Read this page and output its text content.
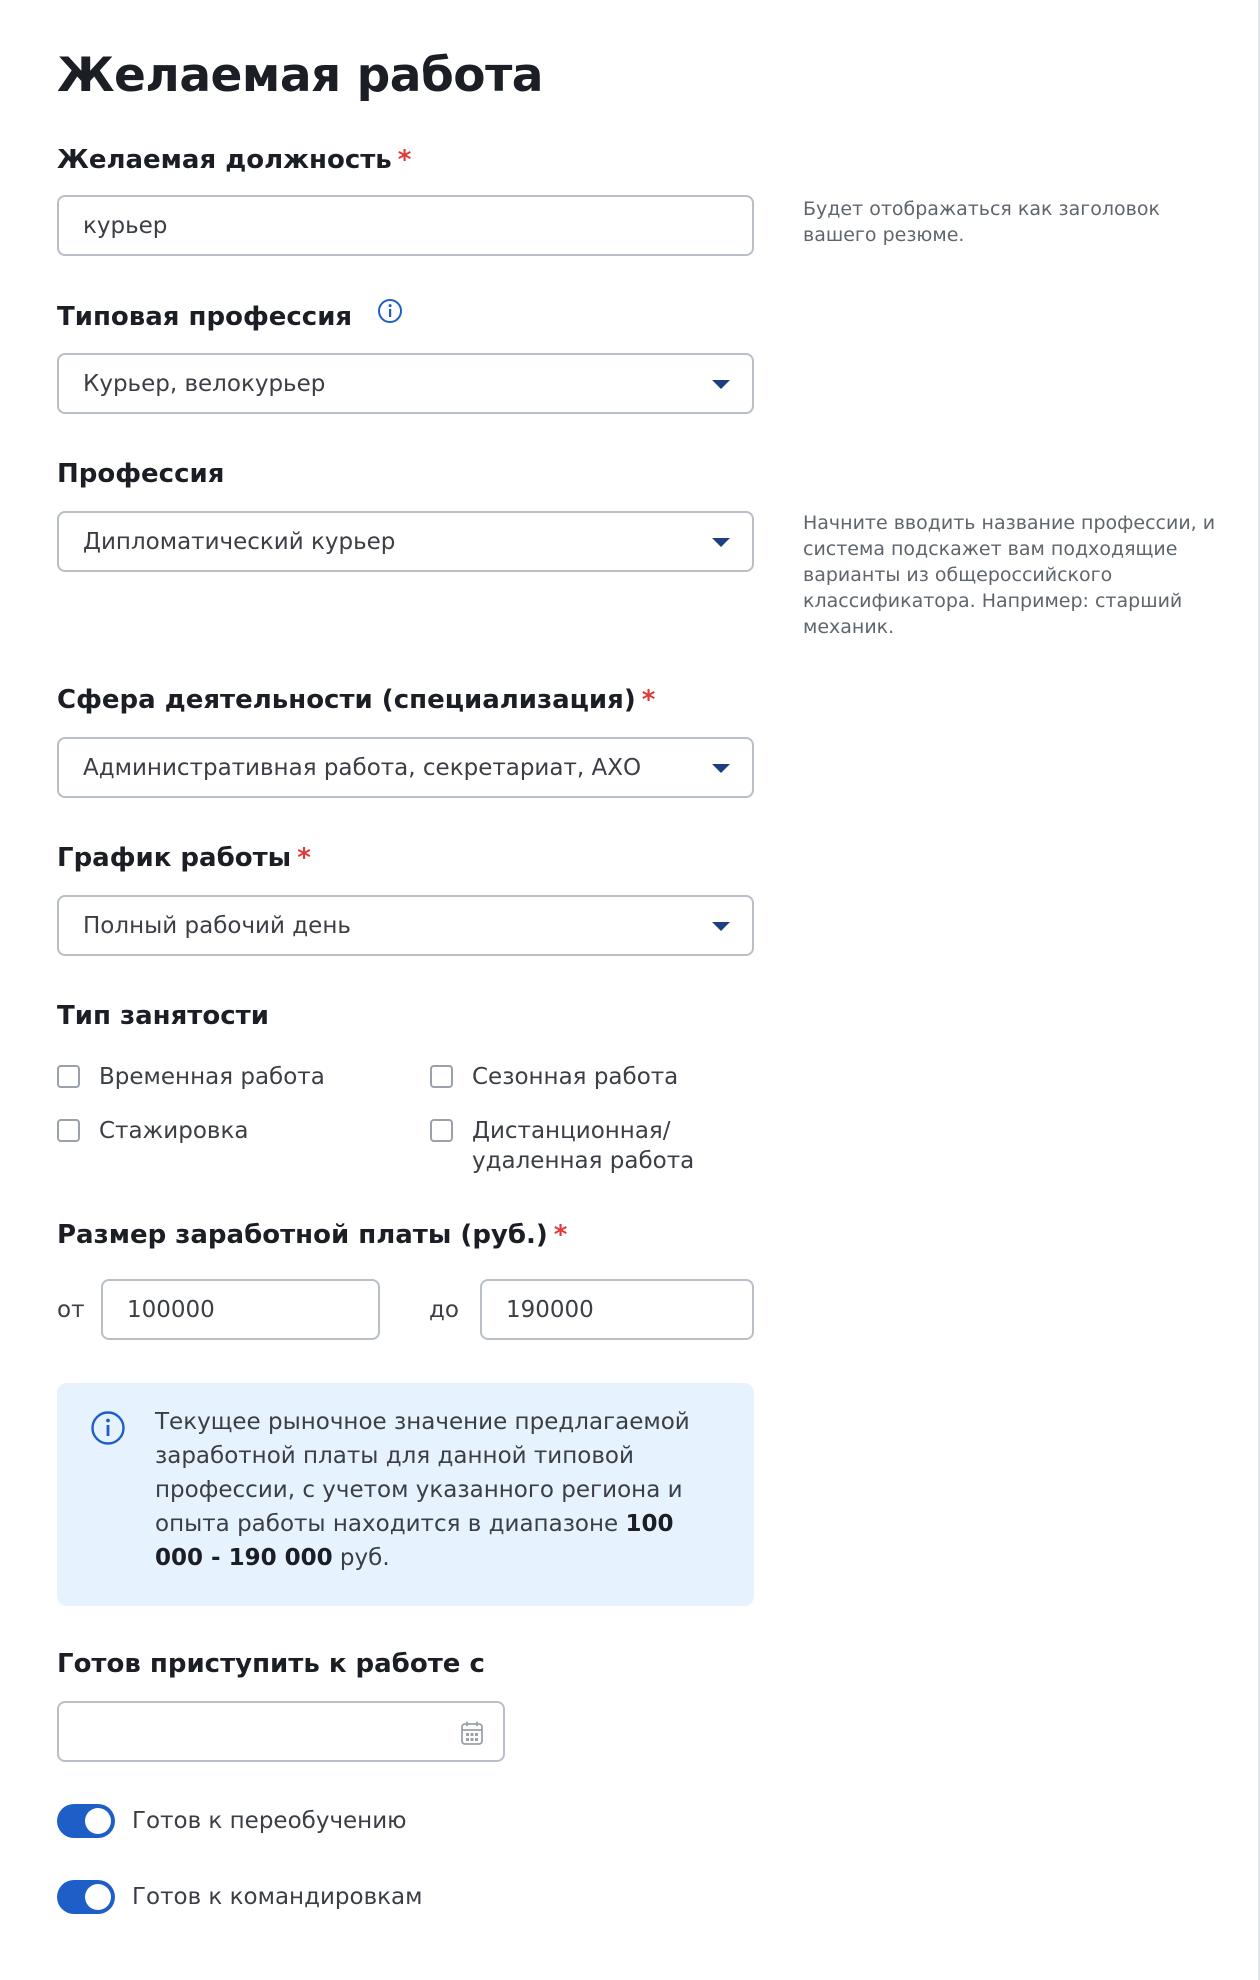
Желаемая работа
Желаемая должность *
курьер
Будет отображаться как заголовок вашего резюме.
Типовая профессия
Курьер, велокурьер
Профессия
Дипломатический курьер
Начните вводить название профессии, и система подскажет вам подходящие варианты из общероссийского классификатора. Например: старший механик.
Сфера деятельности (специализация) *
Административная работа, секретариат, АХО
График работы *
Полный рабочий день
Тип занятости
Временная работа	Сезонная работа
Стажировка	Дистанционная/ удаленная работа
Размер заработной платы (руб.) *
от 100000	до 190000
Текущее рыночное значение предлагаемой заработной платы для данной типовой профессии, с учетом указанного региона и опыта работы находится в диапазоне 100 000 - 190 000 руб.
Готов приступить к работе с
Готов к переобучению
Готов к командировкам
